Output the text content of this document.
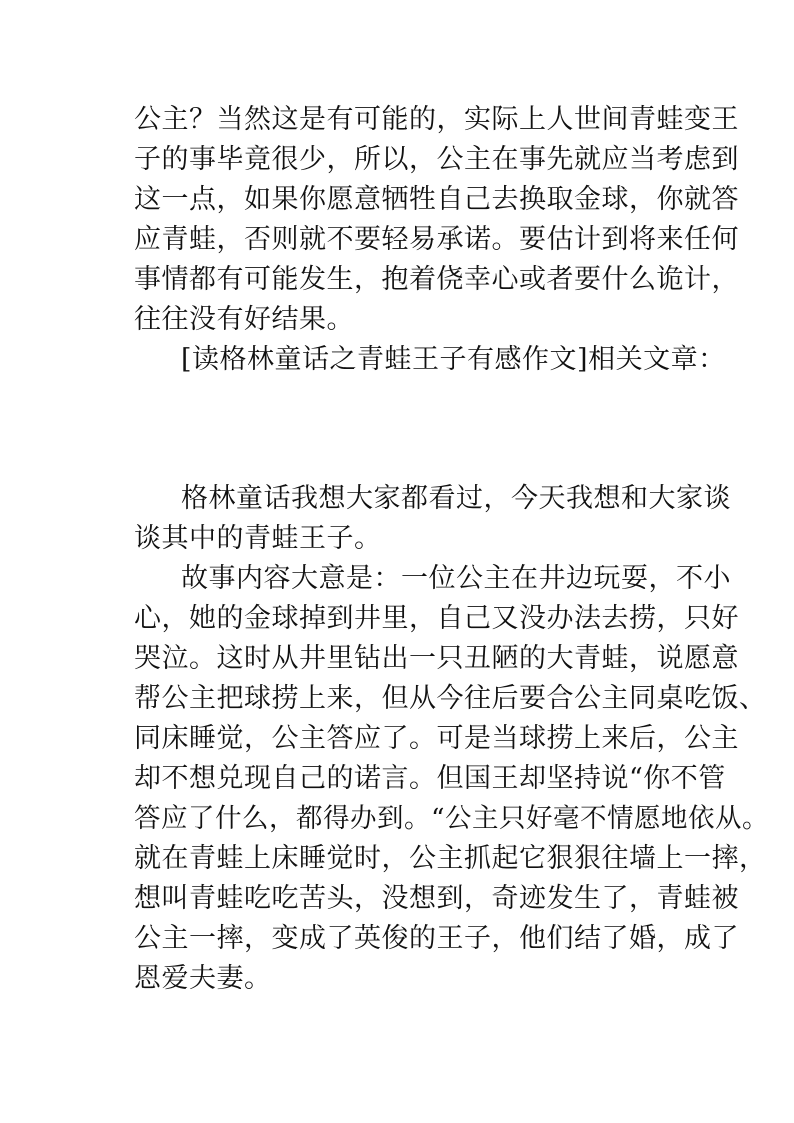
公主？当然这是有可能的，实际上人世间青蛙变王
子的事毕竟很少，所以，公主在事先就应当考虑到
这一点，如果你愿意牺牲自己去换取金球，你就答
应青蛙，否则就不要轻易承诺。要估计到将来任何
事情都有可能发生，抱着侥幸心或者要什么诡计，
往往没有好结果。
[读格林童话之青蛙王子有感作文]相关文章：
格林童话我想大家都看过，今天我想和大家谈
谈其中的青蛙王子。
故事内容大意是：一位公主在井边玩耍，不小
心，她的金球掉到井里，自己又没办法去捞，只好
哭泣。这时从井里钻出一只丑陋的大青蛙，说愿意
帮公主把球捞上来，但从今往后要合公主同桌吃饭、
同床睡觉，公主答应了。可是当球捞上来后，公主
却不想兑现自己的诺言。但国王却坚持说“你不管
答应了什么，都得办到。“公主只好毫不情愿地依从。
就在青蛙上床睡觉时，公主抓起它狠狠往墙上一摔，
想叫青蛙吃吃苦头，没想到，奇迹发生了，青蛙被
公主一摔，变成了英俊的王子，他们结了婚，成了
恩爱夫妻。
